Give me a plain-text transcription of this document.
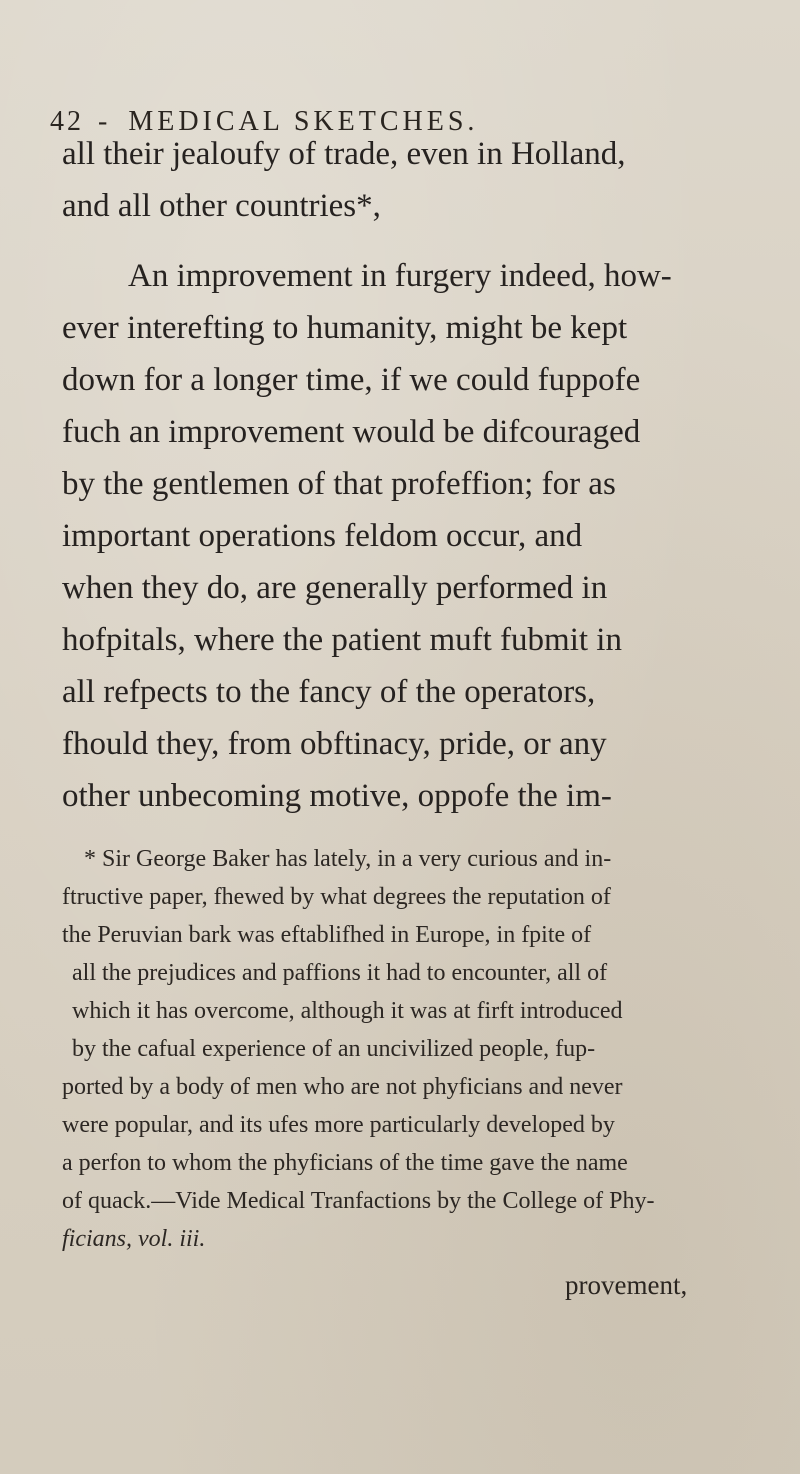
42 - MEDICAL SKETCHES.
all their jealoufy of trade, even in Holland,
and all other countries*,
An improvement in furgery indeed, how-
ever interefting to humanity, might be kept
down for a longer time, if we could fuppofe
fuch an improvement would be difcouraged
by the gentlemen of that profeffion; for as
important operations feldom occur, and
when they do, are generally performed in
hofpitals, where the patient muft fubmit in
all refpects to the fancy of the operators,
fhould they, from obftinacy, pride, or any
other unbecoming motive, oppofe the im-
* Sir George Baker has lately, in a very curious and in-
ftructive paper, fhewed by what degrees the reputation of
the Peruvian bark was eftablifhed in Europe, in fpite of
all the prejudices and paffions it had to encounter, all of
which it has overcome, although it was at firft introduced
by the cafual experience of an uncivilized people, fup-
ported by a body of men who are not phyficians and never
were popular, and its ufes more particularly developed by
a perfon to whom the phyficians of the time gave the name
of quack.—Vide Medical Tranfactions by the College of Phy-
ficians, vol. iii.
provement,
